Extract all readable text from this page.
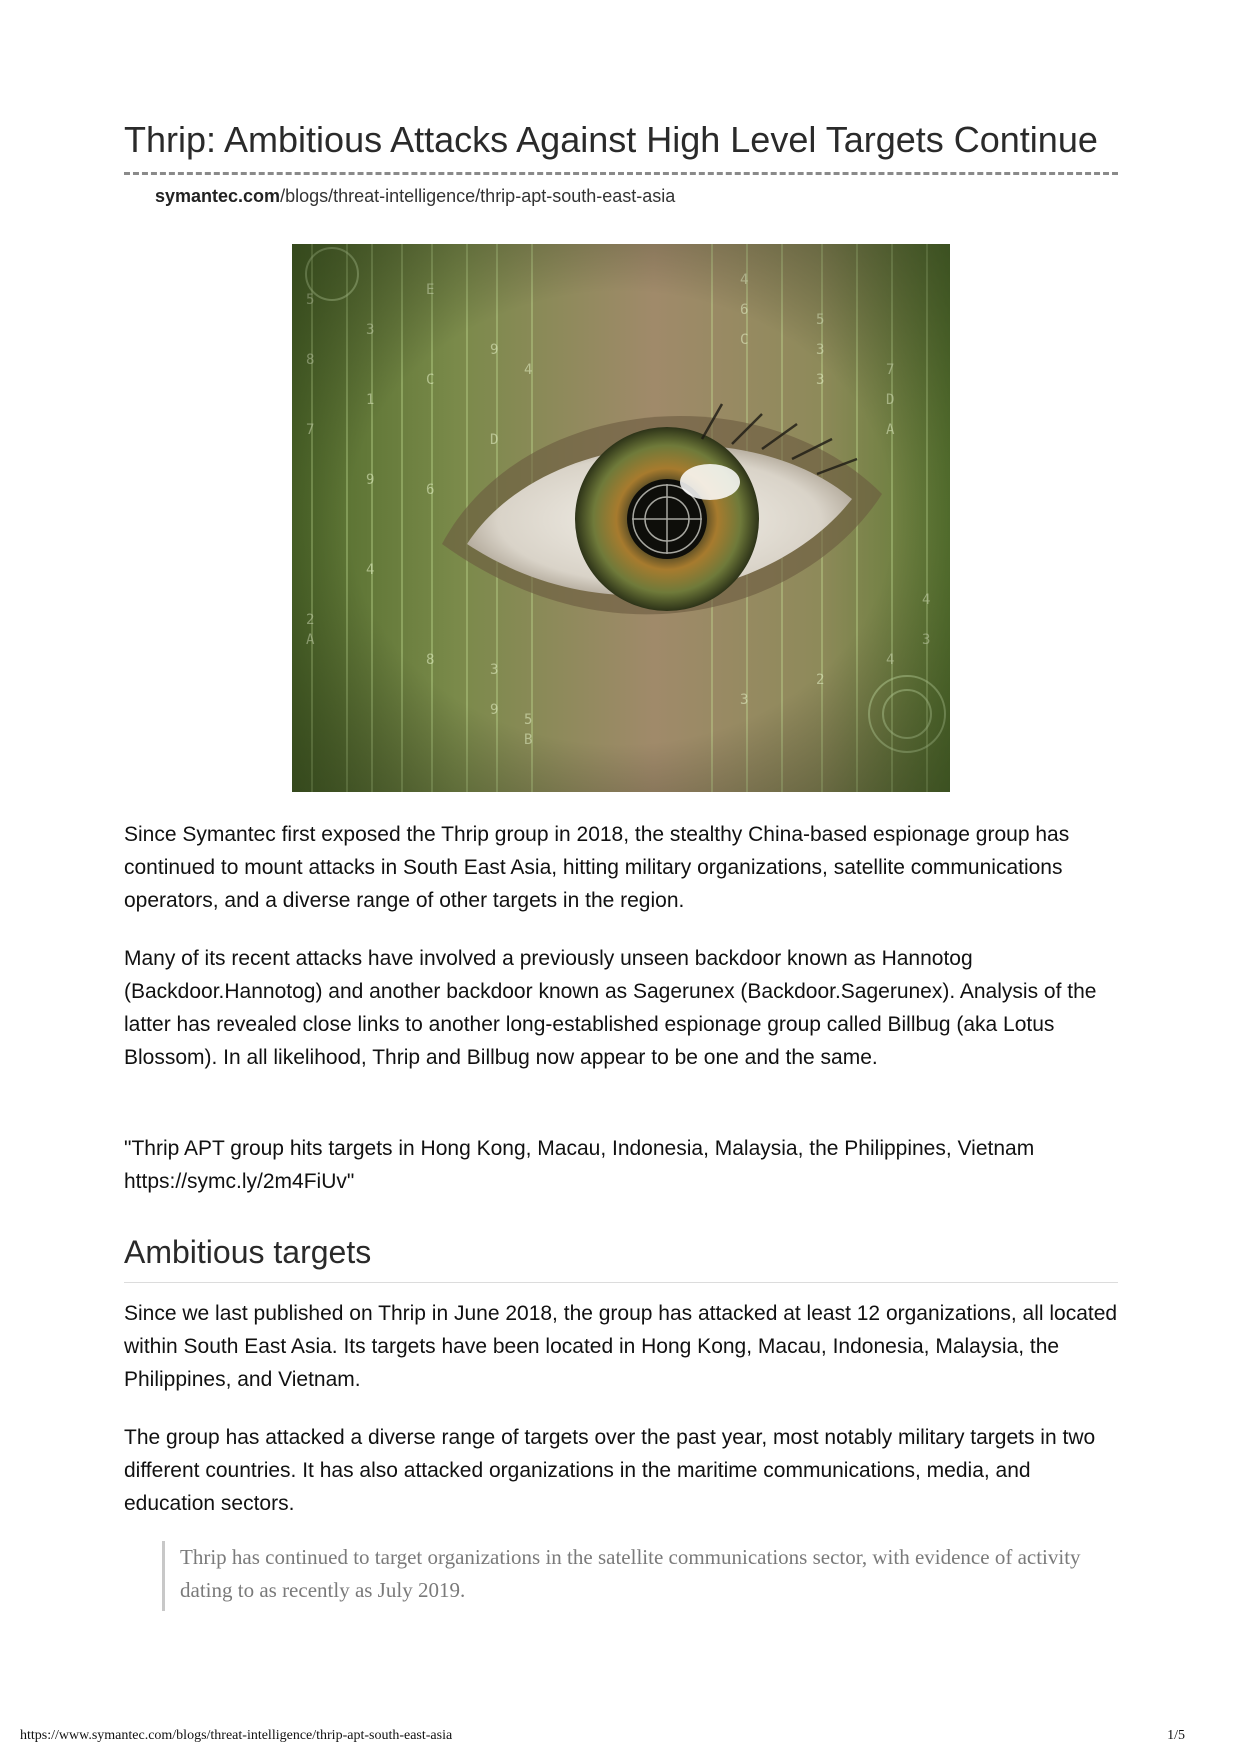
Thrip: Ambitious Attacks Against High Level Targets Continue
symantec.com/blogs/threat-intelligence/thrip-apt-south-east-asia

Since Symantec first exposed the Thrip group in 2018, the stealthy China-based espionage group has continued to mount attacks in South East Asia, hitting military organizations, satellite communications operators, and a diverse range of other targets in the region.

Many of its recent attacks have involved a previously unseen backdoor known as Hannotog (Backdoor.Hannotog) and another backdoor known as Sagerunex (Backdoor.Sagerunex). Analysis of the latter has revealed close links to another long-established espionage group called Billbug (aka Lotus Blossom). In all likelihood, Thrip and Billbug now appear to be one and the same.

"Thrip APT group hits targets in Hong Kong, Macau, Indonesia, Malaysia, the Philippines, Vietnam https://symc.ly/2m4FiUv"

Ambitious targets

Since we last published on Thrip in June 2018, the group has attacked at least 12 organizations, all located within South East Asia. Its targets have been located in Hong Kong, Macau, Indonesia, Malaysia, the Philippines, and Vietnam.

The group has attacked a diverse range of targets over the past year, most notably military targets in two different countries. It has also attacked organizations in the maritime communications, media, and education sectors.

Thrip has continued to target organizations in the satellite communications sector, with evidence of activity dating to as recently as July 2019.

https://www.symantec.com/blogs/threat-intelligence/thrip-apt-south-east-asia	1/5
